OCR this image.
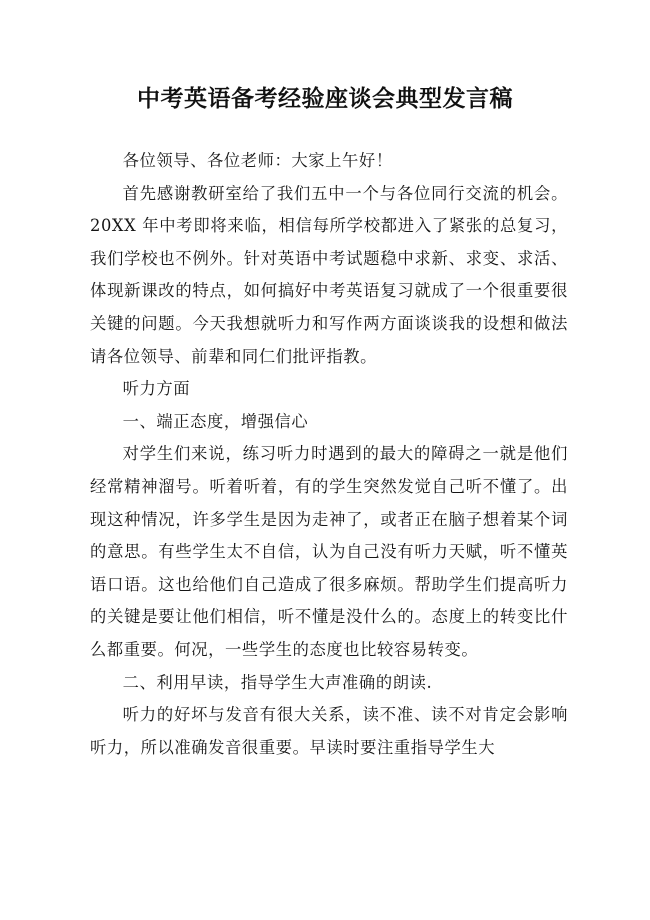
中考英语备考经验座谈会典型发言稿

各位领导、各位老师：大家上午好！

首先感谢教研室给了我们五中一个与各位同行交流的机会。20XX 年中考即将来临，相信每所学校都进入了紧张的总复习，我们学校也不例外。针对英语中考试题稳中求新、求变、求活、体现新课改的特点，如何搞好中考英语复习就成了一个很重要很关键的问题。今天我想就听力和写作两方面谈谈我的设想和做法请各位领导、前辈和同仁们批评指教。

听力方面

一、端正态度，增强信心

对学生们来说，练习听力时遇到的最大的障碍之一就是他们经常精神溜号。听着听着，有的学生突然发觉自己听不懂了。出现这种情况，许多学生是因为走神了，或者正在脑子想着某个词的意思。有些学生太不自信，认为自己没有听力天赋，听不懂英语口语。这也给他们自己造成了很多麻烦。帮助学生们提高听力的关键是要让他们相信，听不懂是没什么的。态度上的转变比什么都重要。何况，一些学生的态度也比较容易转变。

二、利用早读，指导学生大声准确的朗读.

听力的好坏与发音有很大关系，读不准、读不对肯定会影响听力，所以准确发音很重要。早读时要注重指导学生大
